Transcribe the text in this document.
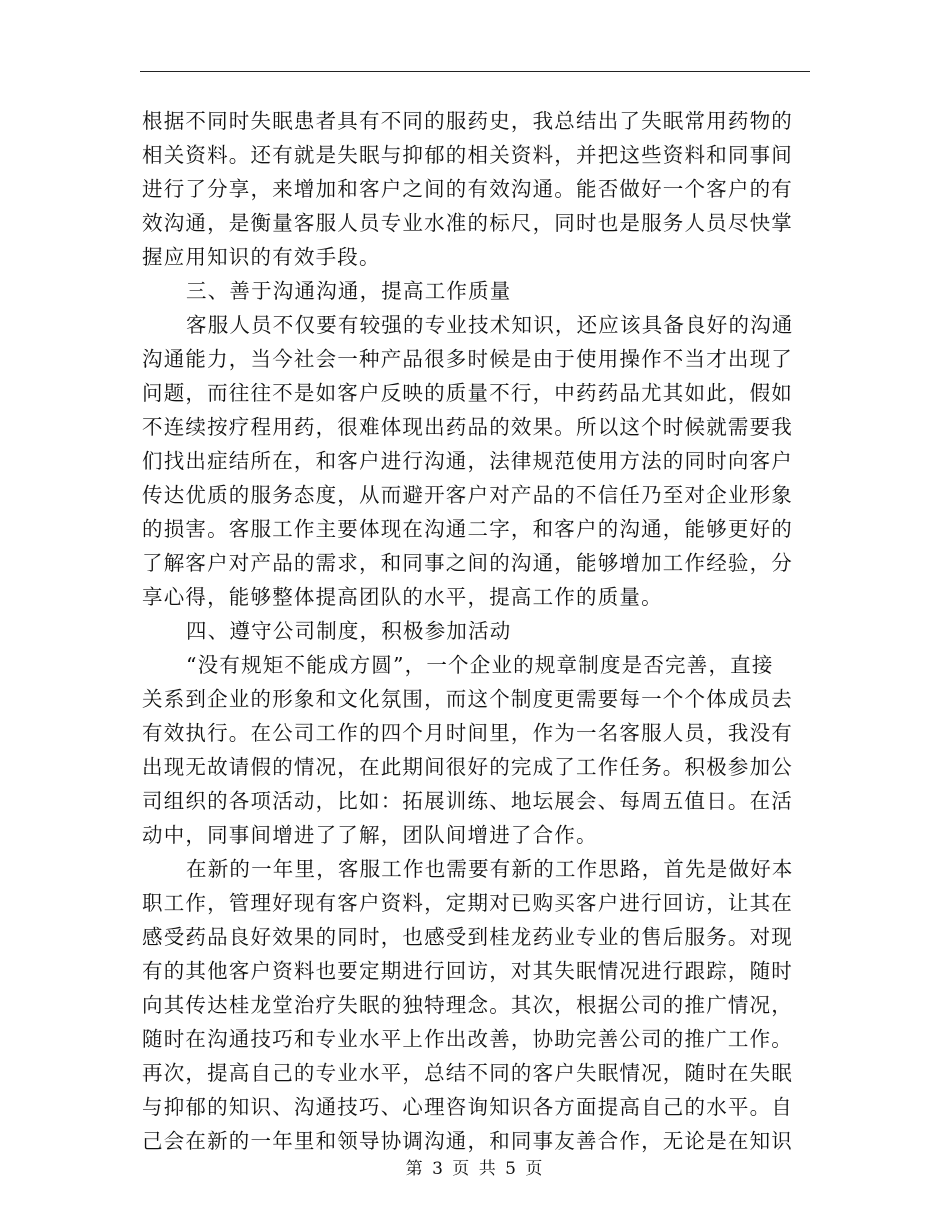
根据不同时失眠患者具有不同的服药史，我总结出了失眠常用药物的
相关资料。还有就是失眠与抑郁的相关资料，并把这些资料和同事间
进行了分享，来增加和客户之间的有效沟通。能否做好一个客户的有
效沟通，是衡量客服人员专业水准的标尺，同时也是服务人员尽快掌
握应用知识的有效手段。
三、善于沟通沟通，提高工作质量
客服人员不仅要有较强的专业技术知识，还应该具备良好的沟通
沟通能力，当今社会一种产品很多时候是由于使用操作不当才出现了
问题，而往往不是如客户反映的质量不行，中药药品尤其如此，假如
不连续按疗程用药，很难体现出药品的效果。所以这个时候就需要我
们找出症结所在，和客户进行沟通，法律规范使用方法的同时向客户
传达优质的服务态度，从而避开客户对产品的不信任乃至对企业形象
的损害。客服工作主要体现在沟通二字，和客户的沟通，能够更好的
了解客户对产品的需求，和同事之间的沟通，能够增加工作经验，分
享心得，能够整体提高团队的水平，提高工作的质量。
四、遵守公司制度，积极参加活动
“没有规矩不能成方圆”，一个企业的规章制度是否完善，直接
关系到企业的形象和文化氛围，而这个制度更需要每一个个体成员去
有效执行。在公司工作的四个月时间里，作为一名客服人员，我没有
出现无故请假的情况，在此期间很好的完成了工作任务。积极参加公
司组织的各项活动，比如：拓展训练、地坛展会、每周五值日。在活
动中，同事间增进了了解，团队间增进了合作。
在新的一年里，客服工作也需要有新的工作思路，首先是做好本
职工作，管理好现有客户资料，定期对已购买客户进行回访，让其在
感受药品良好效果的同时，也感受到桂龙药业专业的售后服务。对现
有的其他客户资料也要定期进行回访，对其失眠情况进行跟踪，随时
向其传达桂龙堂治疗失眠的独特理念。其次，根据公司的推广情况，
随时在沟通技巧和专业水平上作出改善，协助完善公司的推广工作。
再次，提高自己的专业水平，总结不同的客户失眠情况，随时在失眠
与抑郁的知识、沟通技巧、心理咨询知识各方面提高自己的水平。自
己会在新的一年里和领导协调沟通，和同事友善合作，无论是在知识
第 3 页 共 5 页
